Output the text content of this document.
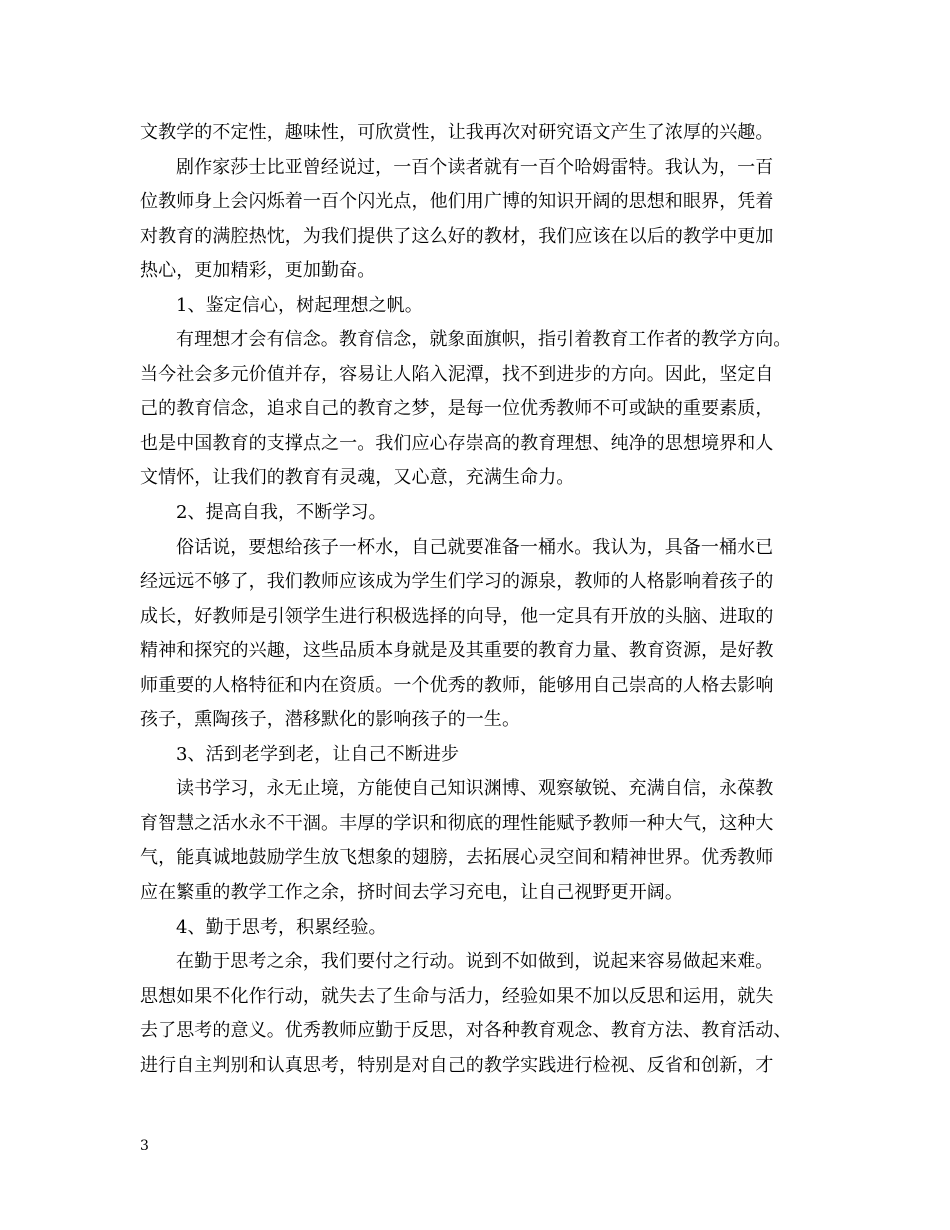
文教学的不定性，趣味性，可欣赏性，让我再次对研究语文产生了浓厚的兴趣。
剧作家莎士比亚曾经说过，一百个读者就有一百个哈姆雷特。我认为，一百
位教师身上会闪烁着一百个闪光点，他们用广博的知识开阔的思想和眼界，凭着
对教育的满腔热忱，为我们提供了这么好的教材，我们应该在以后的教学中更加
热心，更加精彩，更加勤奋。
1、鉴定信心，树起理想之帆。
有理想才会有信念。教育信念，就象面旗帜，指引着教育工作者的教学方向。
当今社会多元价值并存，容易让人陷入泥潭，找不到进步的方向。因此，坚定自
己的教育信念，追求自己的教育之梦，是每一位优秀教师不可或缺的重要素质，
也是中国教育的支撑点之一。我们应心存崇高的教育理想、纯净的思想境界和人
文情怀，让我们的教育有灵魂，又心意，充满生命力。
2、提高自我，不断学习。
俗话说，要想给孩子一杯水，自己就要准备一桶水。我认为，具备一桶水已
经远远不够了，我们教师应该成为学生们学习的源泉，教师的人格影响着孩子的
成长，好教师是引领学生进行积极选择的向导，他一定具有开放的头脑、进取的
精神和探究的兴趣，这些品质本身就是及其重要的教育力量、教育资源，是好教
师重要的人格特征和内在资质。一个优秀的教师，能够用自己崇高的人格去影响
孩子，熏陶孩子，潜移默化的影响孩子的一生。
3、活到老学到老，让自己不断进步
读书学习，永无止境，方能使自己知识渊博、观察敏锐、充满自信，永葆教
育智慧之活水永不干涸。丰厚的学识和彻底的理性能赋予教师一种大气，这种大
气，能真诚地鼓励学生放飞想象的翅膀，去拓展心灵空间和精神世界。优秀教师
应在繁重的教学工作之余，挤时间去学习充电，让自己视野更开阔。
4、勤于思考，积累经验。
在勤于思考之余，我们要付之行动。说到不如做到，说起来容易做起来难。
思想如果不化作行动，就失去了生命与活力，经验如果不加以反思和运用，就失
去了思考的意义。优秀教师应勤于反思，对各种教育观念、教育方法、教育活动、
进行自主判别和认真思考，特别是对自己的教学实践进行检视、反省和创新，才
3
